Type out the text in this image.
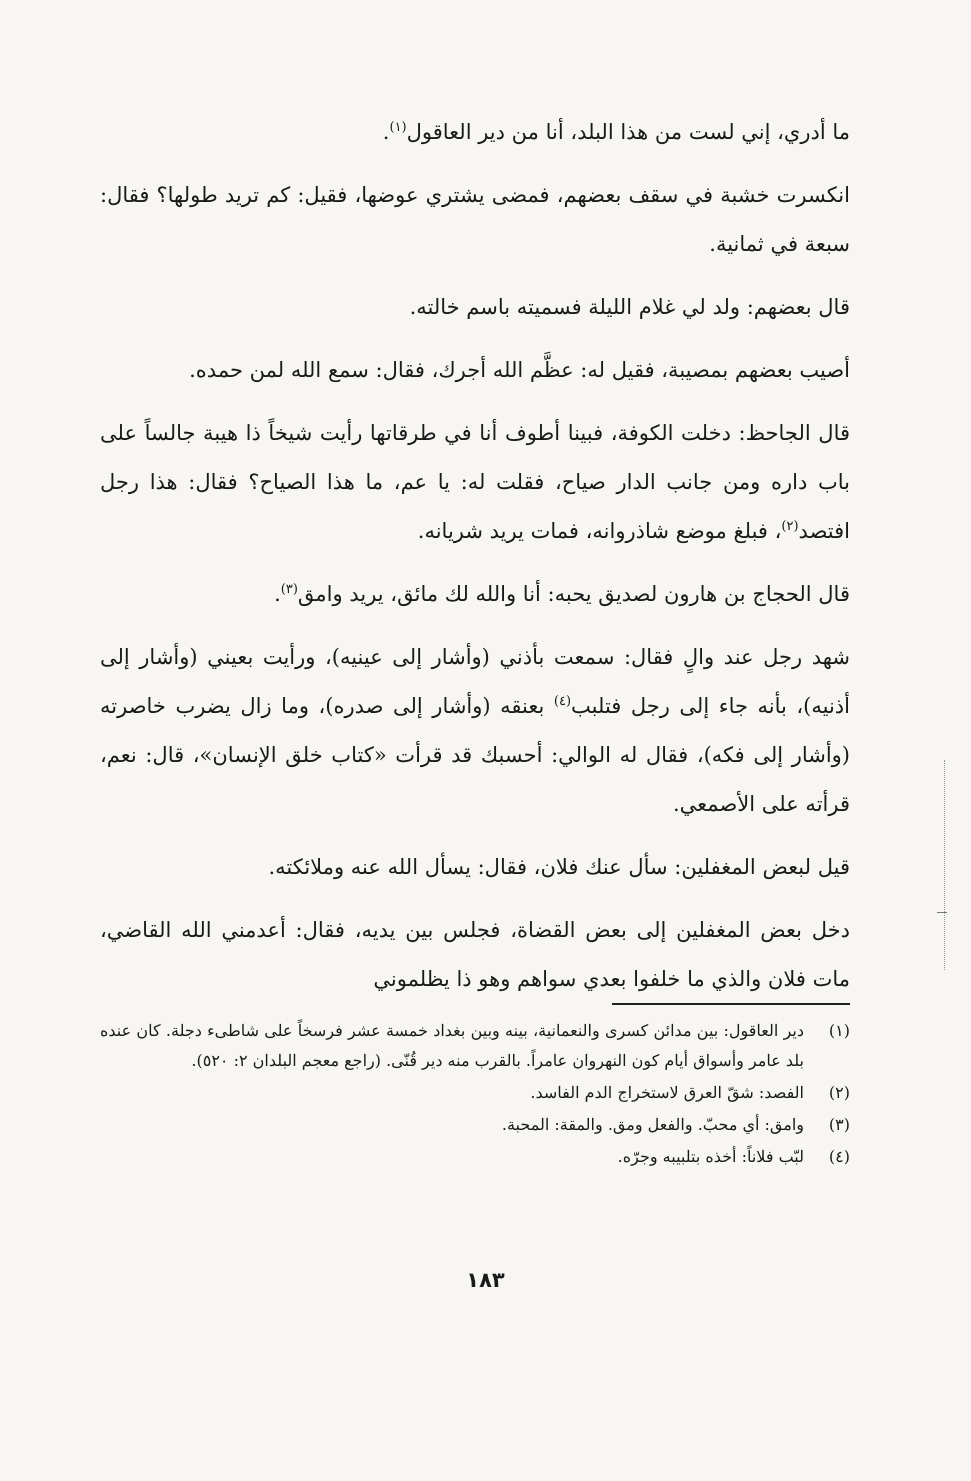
ما أدري، إني لست من هذا البلد، أنا من دير العاقول$^{(١)}$.

انكسرت خشبة في سقف بعضهم، فمضى يشتري عوضها، فقيل: كم تريد طولها؟ فقال: سبعة في ثمانية.

قال بعضهم: ولد لي غلام الليلة فسميته باسم خالته.

أصيب بعضهم بمصيبة، فقيل له: عظَّم الله أجرك، فقال: سمع الله لمن حمده.

قال الجاحظ: دخلت الكوفة، فبينا أطوف أنا في طرقاتها رأيت شيخاً ذا هيبة جالساً على باب داره ومن جانب الدار صياح، فقلت له: يا عم، ما هذا الصياح؟ فقال: هذا رجل افتصد$^{(٢)}$، فبلغ موضع شاذروانه، فمات يريد شريانه.

قال الحجاج بن هارون لصديق يحبه: أنا والله لك مائق، يريد وامق$^{(٣)}$.

شهد رجل عند والٍ فقال: سمعت بأذني (وأشار إلى عينيه)، ورأيت بعيني (وأشار إلى أذنيه)، بأنه جاء إلى رجل فتلبب$^{(٤)}$ بعنقه (وأشار إلى صدره)، وما زال يضرب خاصرته (وأشار إلى فكه)، فقال له الوالي: أحسبك قد قرأت «كتاب خلق الإنسان»، قال: نعم، قرأته على الأصمعي.

قيل لبعض المغفلين: سأل عنك فلان، فقال: يسأل الله عنه وملائكته.

دخل بعض المغفلين إلى بعض القضاة، فجلس بين يديه، فقال: أعدمني الله القاضي، مات فلان والذي ما خلفوا بعدي سواهم وهو ذا يظلموني

(١)
دير العاقول: بين مدائن كسرى والنعمانية، بينه وبين بغداد خمسة عشر فرسخاً على شاطىء دجلة. كان عنده بلد عامر وأسواق أيام كون النهروان عامراً. بالقرب منه دير قُنّى. (راجع معجم البلدان ٢: ٥٢٠).
(٢)
الفصد: شقّ العرق لاستخراج الدم الفاسد.
(٣)
وامق: أي محبّ. والفعل ومق. والمقة: المحبة.
(٤)
لبّب فلاناً: أخذه بتلبيبه وجرّه.
١٨٣
